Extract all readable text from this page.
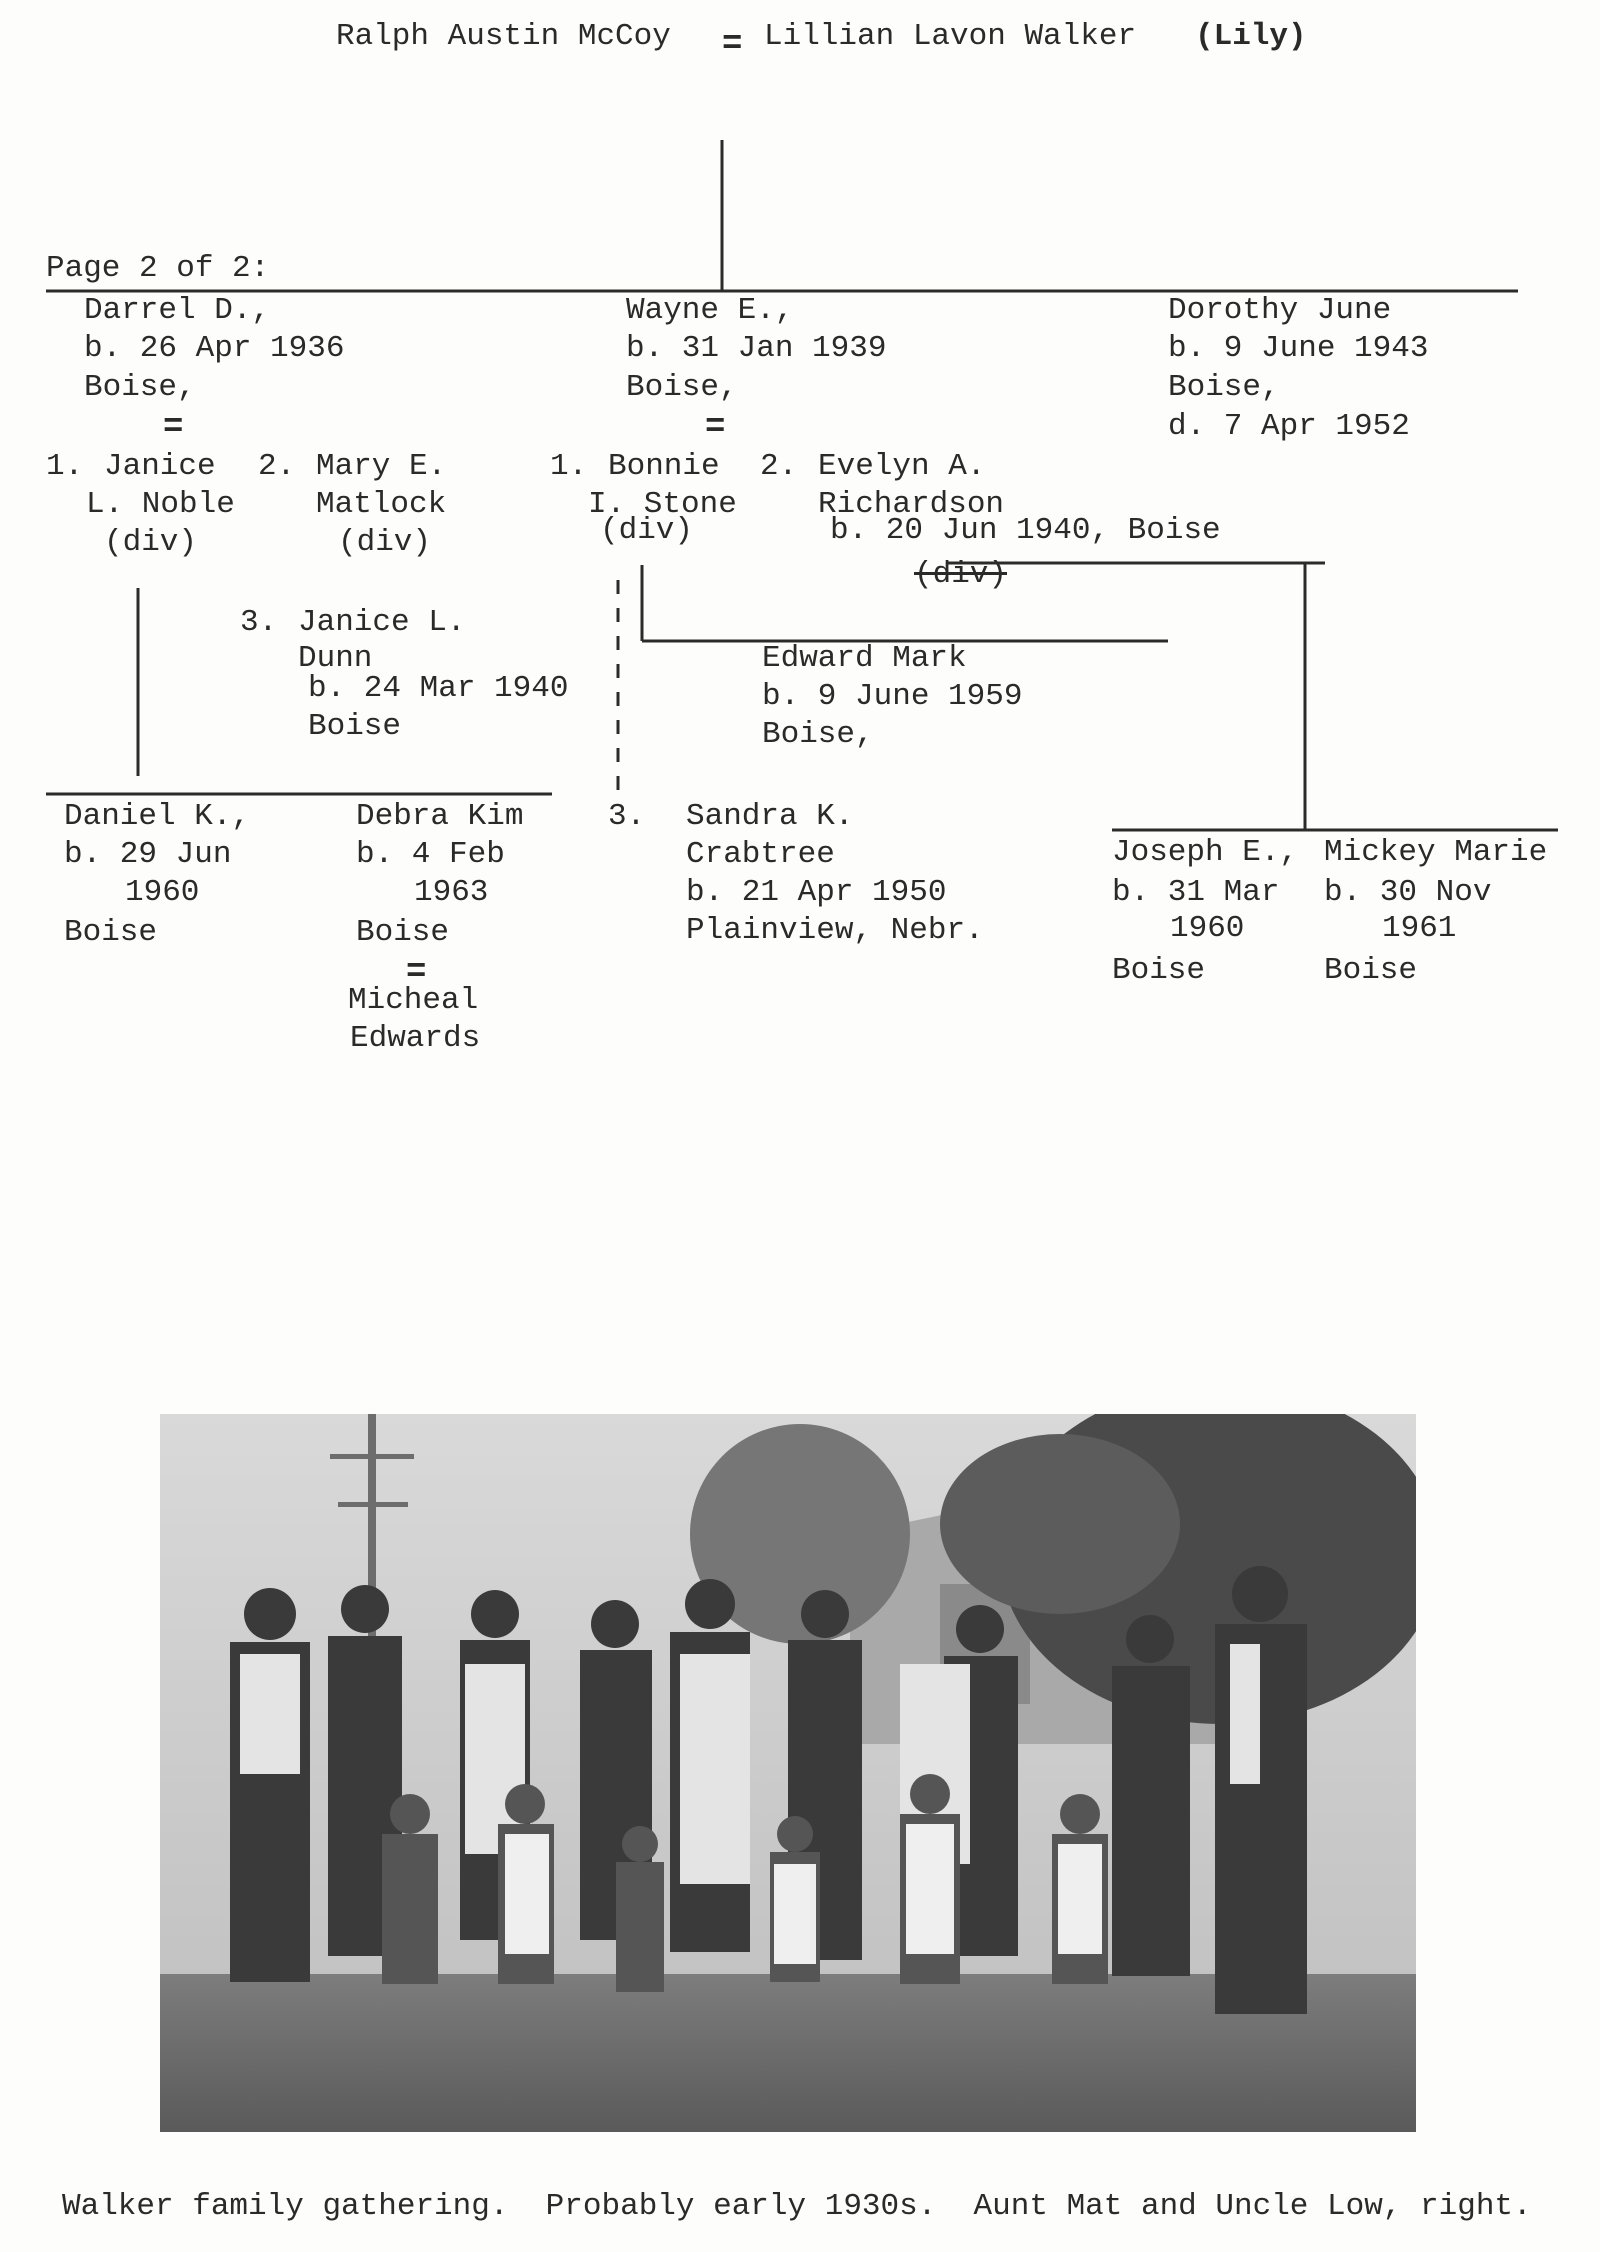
Ralph Austin McCoy = Lillian Lavon Walker (Lily)
Page 2 of 2:
Darrel D.,
b. 26 Apr 1936
Boise,
=
1. Janice
L. Noble
(div)
2. Mary E.
Matlock
(div)
3. Janice L.
Dunn
b. 24 Mar 1940
Boise
Daniel K.,
b. 29 Jun
1960
Boise
Debra Kim
b. 4 Feb
1963
Boise
=
Micheal
Edwards
Wayne E.,
b. 31 Jan 1939
Boise,
=
1. Bonnie
I. Stone
(div)
2. Evelyn A.
Richardson
b. 20 Jun 1940, Boise
(div)
Edward Mark
b. 9 June 1959
Boise,
3. Sandra K.
Crabtree
b. 21 Apr 1950
Plainview, Nebr.
Joseph E.,
b. 31 Mar
1960
Boise
Mickey Marie
b. 30 Nov
1961
Boise
Dorothy June
b. 9 June 1943
Boise,
d. 7 Apr 1952
Walker family gathering.  Probably early 1930s.  Aunt Mat and Uncle Low, right.
